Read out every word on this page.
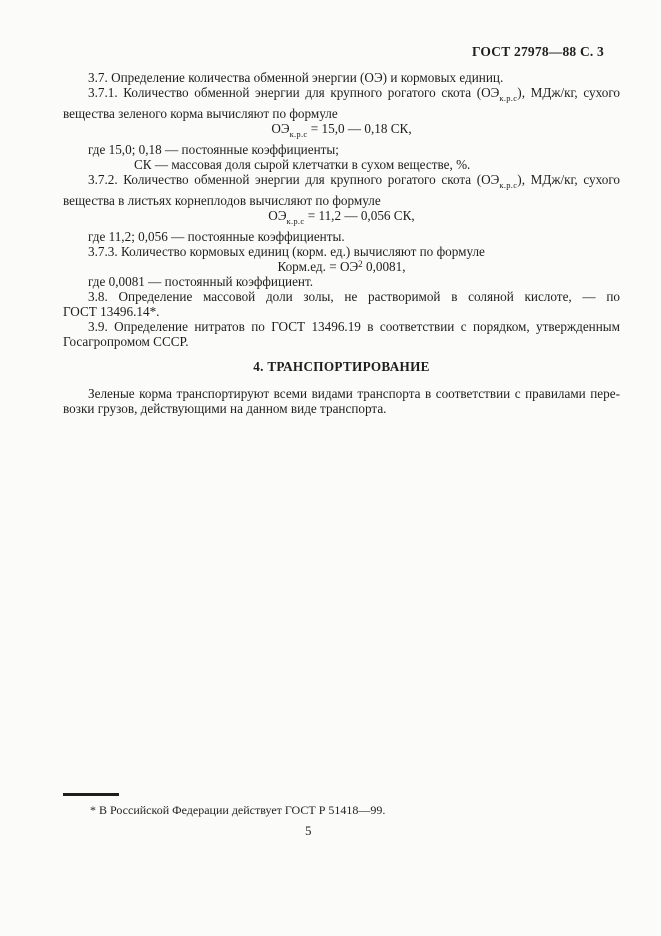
ГОСТ 27978—88 С. 3

3.7. Определение количества обменной энергии (ОЭ) и кормовых единиц.

3.7.1. Количество обменной энергии для крупного рогатого скота $(ОЭ_{к.р.с})$, МДж/кг, сухого

вещества зеленого корма вычисляют по формуле

$ОЭ_{к.р.с} = 15,0$ — 0,18 СК,

где 15,0; 0,18 — постоянные коэффициенты;

СК — массовая доля сырой клетчатки в сухом веществе, %.

3.7.2. Количество обменной энергии для крупного рогатого скота $(ОЭ_{к.р.с})$, МДж/кг, сухого

вещества в листьях корнеплодов вычисляют по формуле

$ОЭ_{к.р.с} = 11,2$ — 0,056 СК,

где 11,2; 0,056 — постоянные коэффициенты.

3.7.3. Количество кормовых единиц (корм. ед.) вычисляют по формуле

Корм.ед. = $ОЭ^2$ 0,0081,

где 0,0081 — постоянный коэффициент.

3.8. Определение массовой доли золы, не растворимой в соляной кислоте, — по

ГОСТ 13496.14*.

3.9. Определение нитратов по ГОСТ 13496.19 в соответствии с порядком, утвержденным

Госагропромом СССР.

4. ТРАНСПОРТИРОВАНИЕ

Зеленые корма транспортируют всеми видами транспорта в соответствии с правилами пере-

возки грузов, действующими на данном виде транспорта.

* В Российской Федерации действует ГОСТ Р 51418—99.

5
